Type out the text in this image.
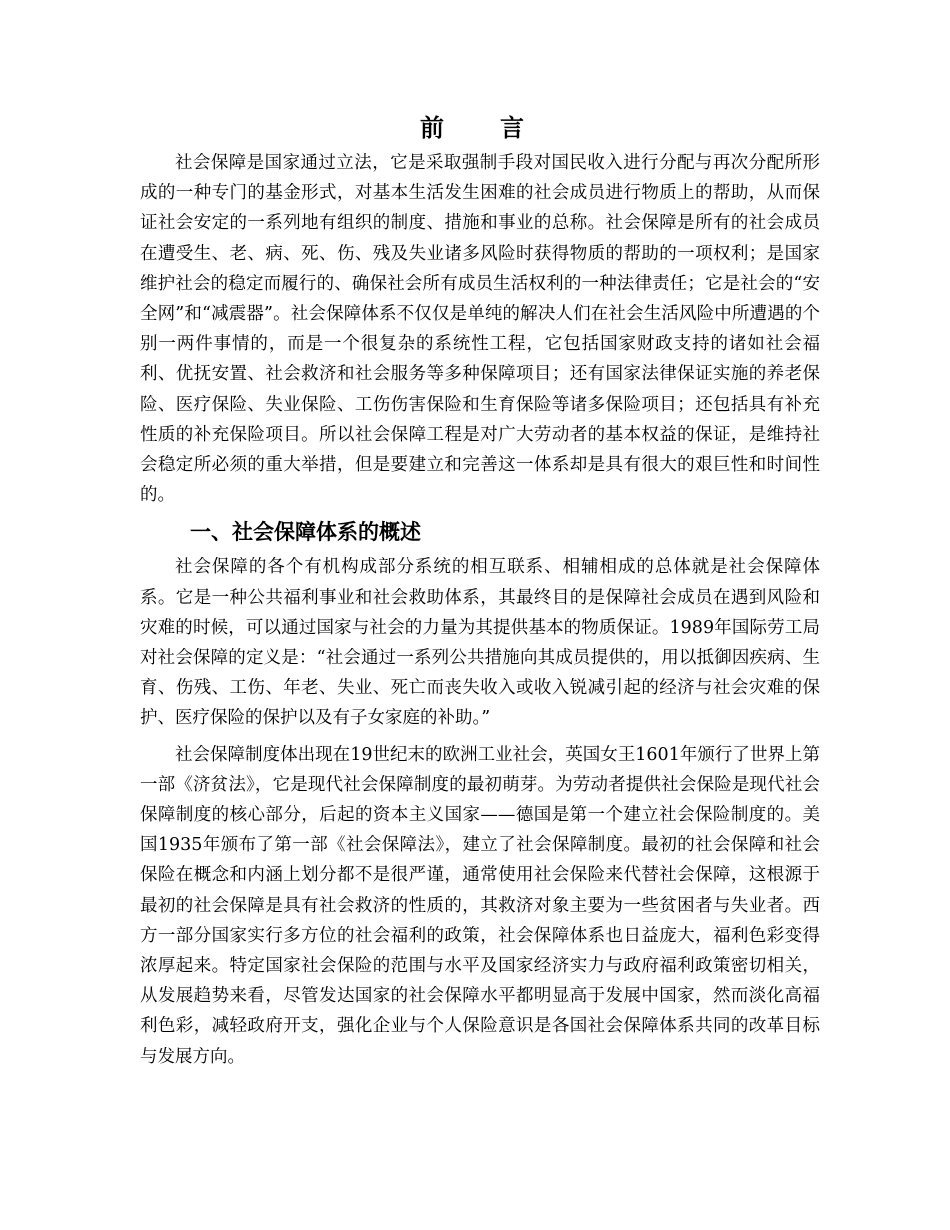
前　言

社会保障是国家通过立法，它是采取强制手段对国民收入进行分配与再次分配所形成的一种专门的基金形式，对基本生活发生困难的社会成员进行物质上的帮助，从而保证社会安定的一系列地有组织的制度、措施和事业的总称。社会保障是所有的社会成员在遭受生、老、病、死、伤、残及失业诸多风险时获得物质的帮助的一项权利；是国家维护社会的稳定而履行的、确保社会所有成员生活权利的一种法律责任；它是社会的“安全网”和“减震器”。社会保障体系不仅仅是单纯的解决人们在社会生活风险中所遭遇的个别一两件事情的，而是一个很复杂的系统性工程，它包括国家财政支持的诸如社会福利、优抚安置、社会救济和社会服务等多种保障项目；还有国家法律保证实施的养老保险、医疗保险、失业保险、工伤伤害保险和生育保险等诸多保险项目；还包括具有补充性质的补充保险项目。所以社会保障工程是对广大劳动者的基本权益的保证，是维持社会稳定所必须的重大举措，但是要建立和完善这一体系却是具有很大的艰巨性和时间性的。

一、社会保障体系的概述

社会保障的各个有机构成部分系统的相互联系、相辅相成的总体就是社会保障体系。它是一种公共福利事业和社会救助体系，其最终目的是保障社会成员在遇到风险和灾难的时候，可以通过国家与社会的力量为其提供基本的物质保证。1989年国际劳工局对社会保障的定义是：“社会通过一系列公共措施向其成员提供的，用以抵御因疾病、生育、伤残、工伤、年老、失业、死亡而丧失收入或收入锐减引起的经济与社会灾难的保护、医疗保险的保护以及有子女家庭的补助。”

社会保障制度体出现在19世纪末的欧洲工业社会，英国女王1601年颁行了世界上第一部《济贫法》，它是现代社会保障制度的最初萌芽。为劳动者提供社会保险是现代社会保障制度的核心部分，后起的资本主义国家——德国是第一个建立社会保险制度的。美国1935年颁布了第一部《社会保障法》，建立了社会保障制度。最初的社会保障和社会保险在概念和内涵上划分都不是很严谨，通常使用社会保险来代替社会保障，这根源于最初的社会保障是具有社会救济的性质的，其救济对象主要为一些贫困者与失业者。西方一部分国家实行多方位的社会福利的政策，社会保障体系也日益庞大，福利色彩变得浓厚起来。特定国家社会保险的范围与水平及国家经济实力与政府福利政策密切相关，从发展趋势来看，尽管发达国家的社会保障水平都明显高于发展中国家，然而淡化高福利色彩，减轻政府开支，强化企业与个人保险意识是各国社会保障体系共同的改革目标与发展方向。
